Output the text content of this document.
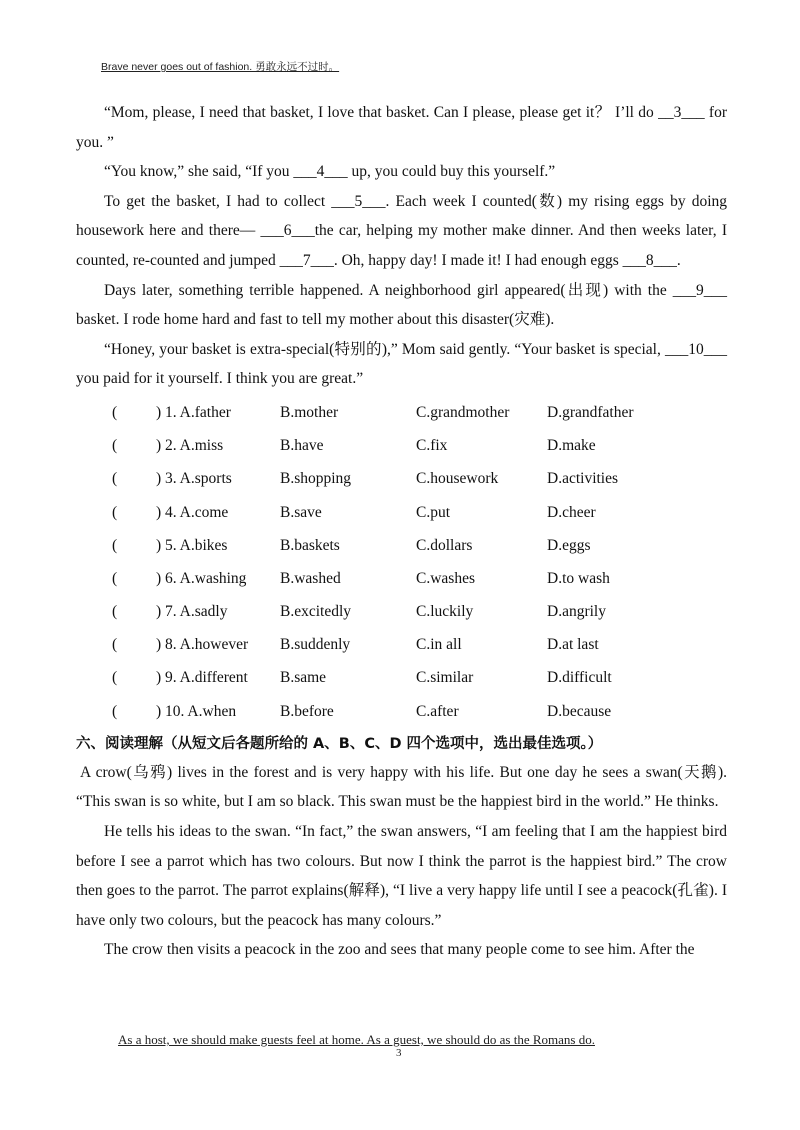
Brave never goes out of fashion. 勇敢永远不过时。

“Mom, please, I need that basket, I love that basket. Can I please, please get it？ I’ll do __3___ for you. ”

“You know,” she said, “If you ___4___ up, you could buy this yourself.”

To get the basket, I had to collect ___5___. Each week I counted(数) my rising eggs by doing housework here and there— ___6___the car, helping my mother make dinner. And then weeks later, I counted, re-counted and jumped ___7___. Oh, happy day! I made it! I had enough eggs ___8___.

Days later, something terrible happened. A neighborhood girl appeared(出现) with the ___9___ basket. I rode home hard and fast to tell my mother about this disaster(灾难).

“Honey, your basket is extra-special(特别的),” Mom said gently. “Your basket is special, ___10___ you paid for it yourself. I think you are great.”

(	) 1. A.father	B.mother	C.grandmother D.grandfather
(	) 2. A.miss	B.have	C.fix	D.make
(	) 3. A.sports	B.shopping	C.housework	D.activities
(	) 4. A.come	B.save	C.put	D.cheer
(	) 5. A.bikes	B.baskets	C.dollars	D.eggs
(	) 6. A.washing B.washed	C.washes	D.to wash
(	) 7. A.sadly	B.excitedly	C.luckily	D.angrily
(	) 8. A.however B.suddenly	C.in all	D.at last
(	) 9. A.different B.same	C.similar	D.difficult
(	) 10. A.when	B.before	C.after	D.because
六、阅读理解（从短文后各题所给的 A、B、C、D 四个选项中，选出最佳选项。）

A crow(乌鸦) lives in the forest and is very happy with his life. But one day he sees a swan(天鹅). “This swan is so white, but I am so black. This swan must be the happiest bird in the world.” He thinks.

He tells his ideas to the swan. “In fact,” the swan answers, “I am feeling that I am the happiest bird before I see a parrot which has two colours. But now I think the parrot is the happiest bird.” The crow then goes to the parrot. The parrot explains(解释), “I live a very happy life until I see a peacock(孔雀). I have only two colours, but the peacock has many colours.”

The crow then visits a peacock in the zoo and sees that many people come to see him. After the

As a host, we should make guests feel at home. As a guest, we should do as the Romans do.
3
